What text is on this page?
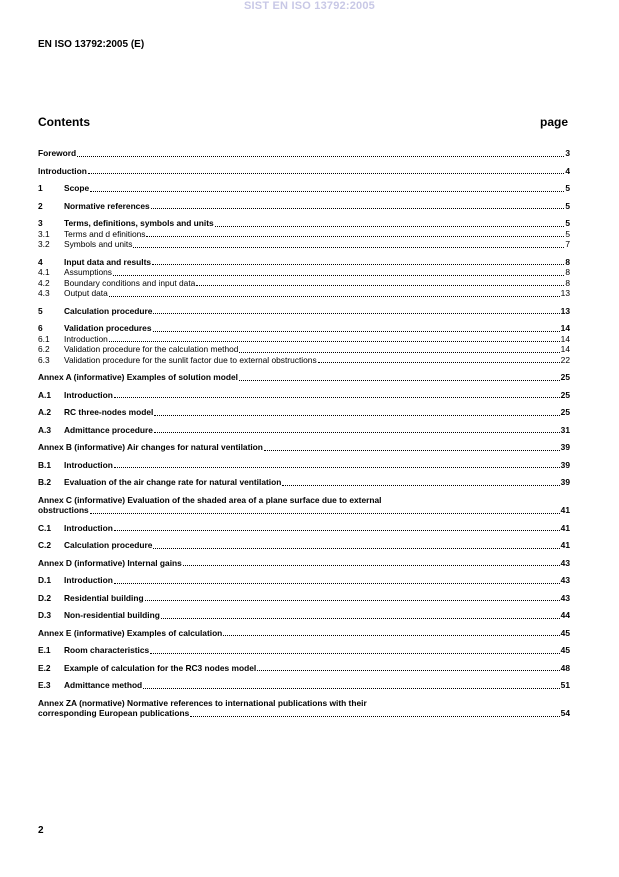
SIST EN ISO 13792:2005
EN ISO 13792:2005 (E)
Contents	page
Foreword	3
Introduction	4
1	Scope	5
2	Normative references	5
3	Terms, definitions, symbols and units	5
3.1	Terms and d efinitions	5
3.2	Symbols and units	7
4	Input data and results	8
4.1	Assumptions	8
4.2	Boundary conditions and input data	8
4.3	Output data	13
5	Calculation procedure	13
6	Validation procedures	14
6.1	Introduction	14
6.2	Validation procedure for the calculation method	14
6.3	Validation procedure for the sunlit factor due to external obstructions	22
Annex A (informative) Examples of solution model	25
A.1	Introduction	25
A.2	RC three-nodes model	25
A.3	Admittance procedure	31
Annex B (informative) Air changes for natural ventilation	39
B.1	Introduction	39
B.2	Evaluation of the air change rate for natural ventilation	39
Annex C (informative) Evaluation of the shaded area of a plane surface due to external
obstructions	41
C.1	Introduction	41
C.2	Calculation procedure	41
Annex D (informative) Internal gains	43
D.1	Introduction	43
D.2	Residential building	43
D.3	Non-residential building	44
Annex E (informative) Examples of calculation	45
E.1	Room characteristics	45
E.2	Example of calculation for the RC3 nodes model	48
E.3	Admittance method	51
Annex ZA (normative) Normative references to international publications with their
corresponding European publications	54
2
